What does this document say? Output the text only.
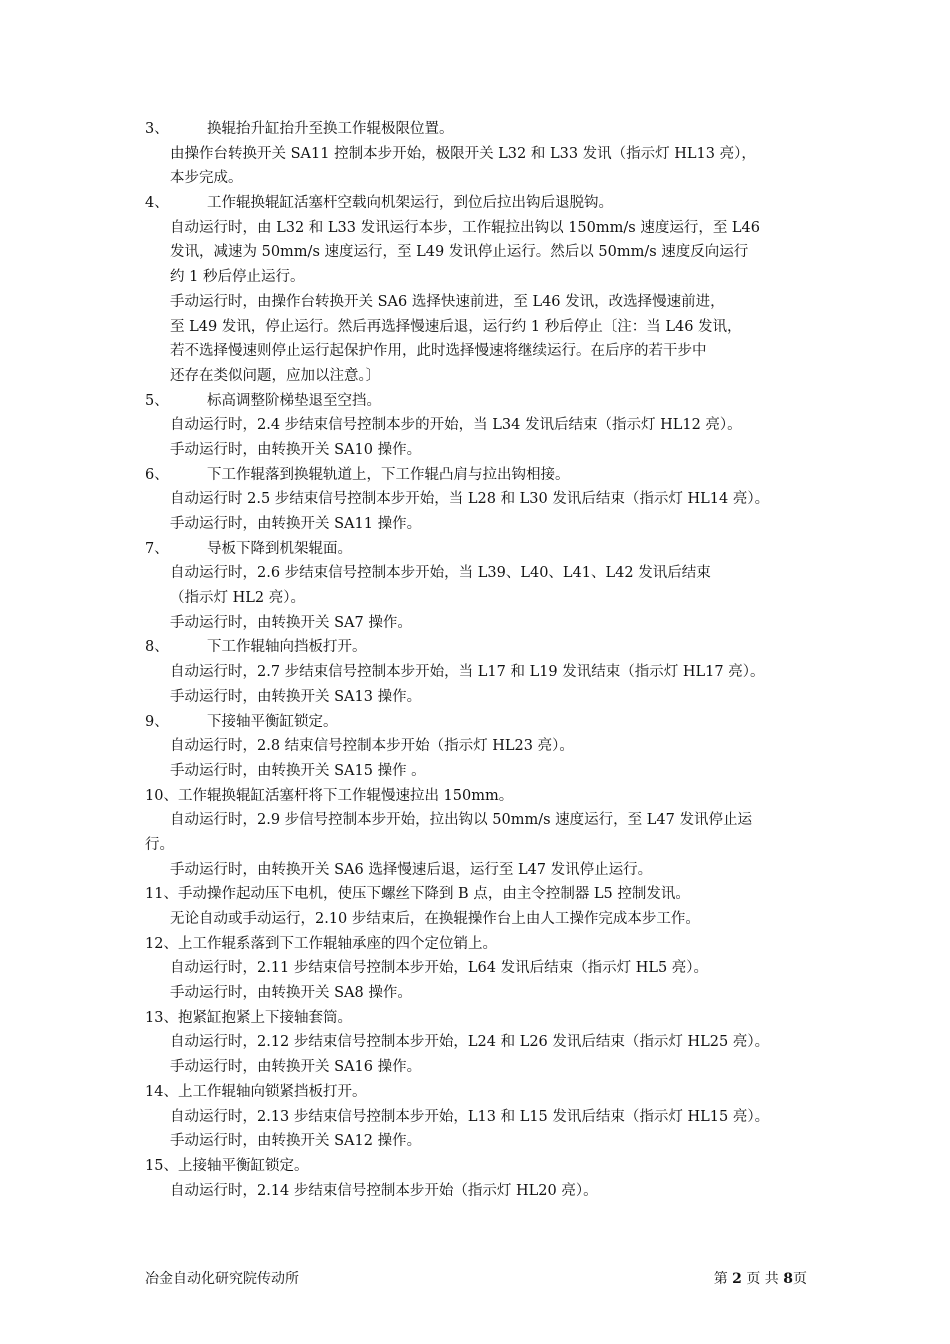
3、	换辊抬升缸抬升至换工作辊极限位置。
由操作台转换开关 SA11 控制本步开始，极限开关 L32 和 L33 发讯（指示灯 HL13 亮），
本步完成。
4、	工作辊换辊缸活塞杆空载向机架运行，到位后拉出钩后退脱钩。
自动运行时，由 L32 和 L33 发讯运行本步，工作辊拉出钩以 150mm/s 速度运行，至 L46
发讯，减速为 50mm/s 速度运行，至 L49 发讯停止运行。然后以 50mm/s 速度反向运行
约 1 秒后停止运行。
手动运行时，由操作台转换开关 SA6 选择快速前进，至 L46 发讯，改选择慢速前进，
至 L49 发讯，停止运行。然后再选择慢速后退，运行约 1 秒后停止〔注：当 L46 发讯，
若不选择慢速则停止运行起保护作用，此时选择慢速将继续运行。在后序的若干步中
还存在类似问题，应加以注意。〕
5、	标高调整阶梯垫退至空挡。
自动运行时，2.4 步结束信号控制本步的开始，当 L34 发讯后结束（指示灯 HL12 亮）。
手动运行时，由转换开关 SA10 操作。
6、	下工作辊落到换辊轨道上，下工作辊凸肩与拉出钩相接。
自动运行时 2.5 步结束信号控制本步开始，当 L28 和 L30 发讯后结束（指示灯 HL14 亮）。
手动运行时，由转换开关 SA11 操作。
7、	导板下降到机架辊面。
自动运行时，2.6 步结束信号控制本步开始，当 L39、L40、L41、L42 发讯后结束
（指示灯 HL2 亮）。
手动运行时，由转换开关 SA7 操作。
8、	下工作辊轴向挡板打开。
自动运行时，2.7 步结束信号控制本步开始，当 L17 和 L19 发讯结束（指示灯 HL17 亮）。
手动运行时，由转换开关 SA13 操作。
9、	下接轴平衡缸锁定。
自动运行时，2.8 结束信号控制本步开始（指示灯 HL23 亮）。
手动运行时，由转换开关 SA15 操作 。
10、工作辊换辊缸活塞杆将下工作辊慢速拉出 150mm。
自动运行时，2.9 步信号控制本步开始，拉出钩以 50mm/s 速度运行，至 L47 发讯停止运
行。
手动运行时，由转换开关 SA6 选择慢速后退，运行至 L47 发讯停止运行。
11、手动操作起动压下电机，使压下螺丝下降到 B 点，由主令控制器 L5 控制发讯。
无论自动或手动运行，2.10 步结束后，在换辊操作台上由人工操作完成本步工作。
12、上工作辊系落到下工作辊轴承座的四个定位销上。
自动运行时，2.11 步结束信号控制本步开始，L64 发讯后结束（指示灯 HL5 亮）。
手动运行时，由转换开关 SA8 操作。
13、抱紧缸抱紧上下接轴套筒。
自动运行时，2.12 步结束信号控制本步开始，L24 和 L26 发讯后结束（指示灯 HL25 亮）。
手动运行时，由转换开关 SA16 操作。
14、上工作辊轴向锁紧挡板打开。
自动运行时，2.13 步结束信号控制本步开始，L13 和 L15 发讯后结束（指示灯 HL15 亮）。
手动运行时，由转换开关 SA12 操作。
15、上接轴平衡缸锁定。
自动运行时，2.14 步结束信号控制本步开始（指示灯 HL20 亮）。
冶金自动化研究院传动所	第 2 页 共 8页
